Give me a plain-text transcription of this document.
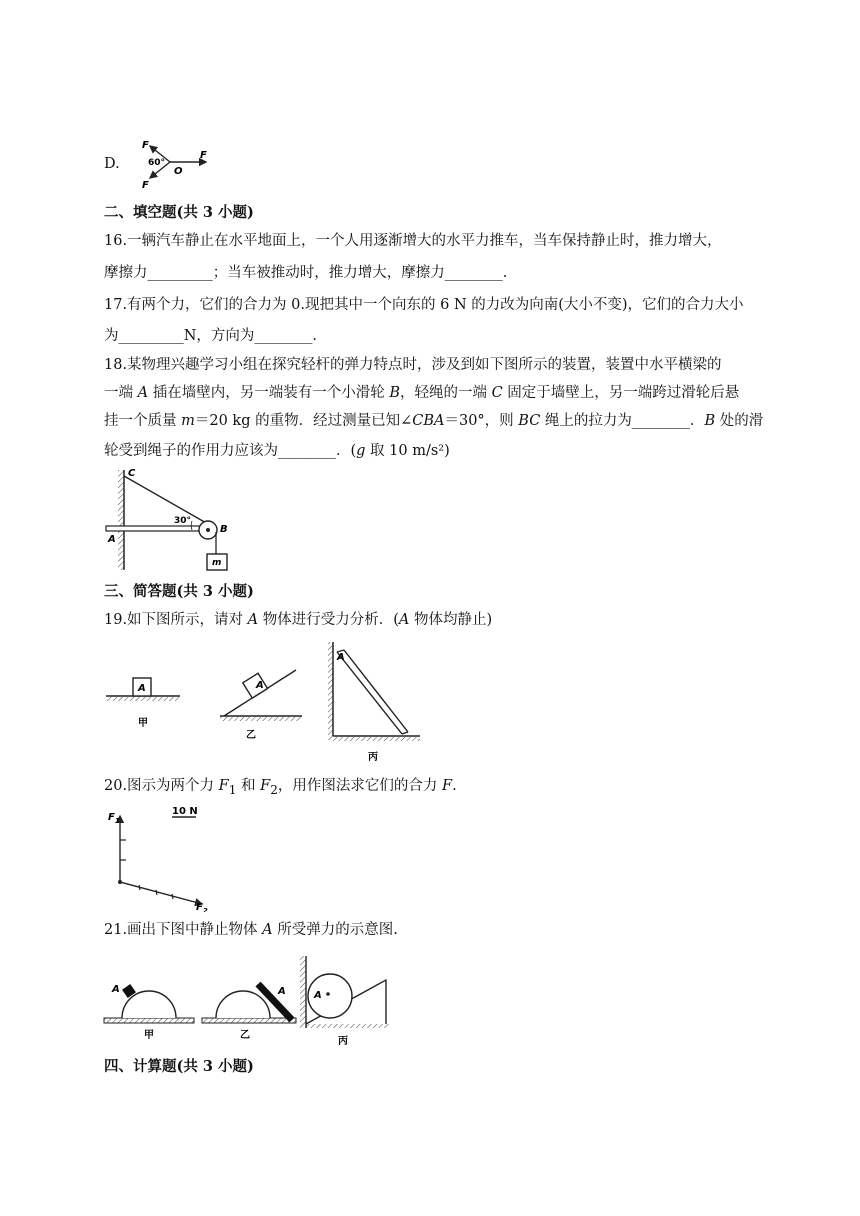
D.
F
60°
O
F
F
二、填空题(共 3 小题)
16.一辆汽车静止在水平地面上，一个人用逐渐增大的水平力推车，当车保持静止时，推力增大，
摩擦力_________；当车被推动时，推力增大，摩擦力________.
17.有两个力，它们的合力为 0.现把其中一个向东的 6 N 的力改为向南(大小不变)，它们的合力大小
为_________N，方向为________.
18.某物理兴趣学习小组在探究轻杆的弹力特点时，涉及到如下图所示的装置，装置中水平横梁的
一端 A 插在墙壁内，另一端装有一个小滑轮 B，轻绳的一端 C 固定于墙壁上，另一端跨过滑轮后悬
挂一个质量 m＝20 kg 的重物．经过测量已知∠CBA＝30°，则 BC 绳上的拉力为________．B 处的滑
轮受到绳子的作用力应该为________．(g 取 10 m/s²)
C
A
B
30°
m
三、简答题(共 3 小题)
19.如下图所示，请对 A 物体进行受力分析．(A 物体均静止)
A
甲
A
乙
A
丙
20.图示为两个力 $F_1$ 和 $F_2$，用作图法求它们的合力 F.
10 N
$F_1$
$F_2$
21.画出下图中静止物体 A 所受弹力的示意图.
A
甲
A
乙
A
丙
四、计算题(共 3 小题)
